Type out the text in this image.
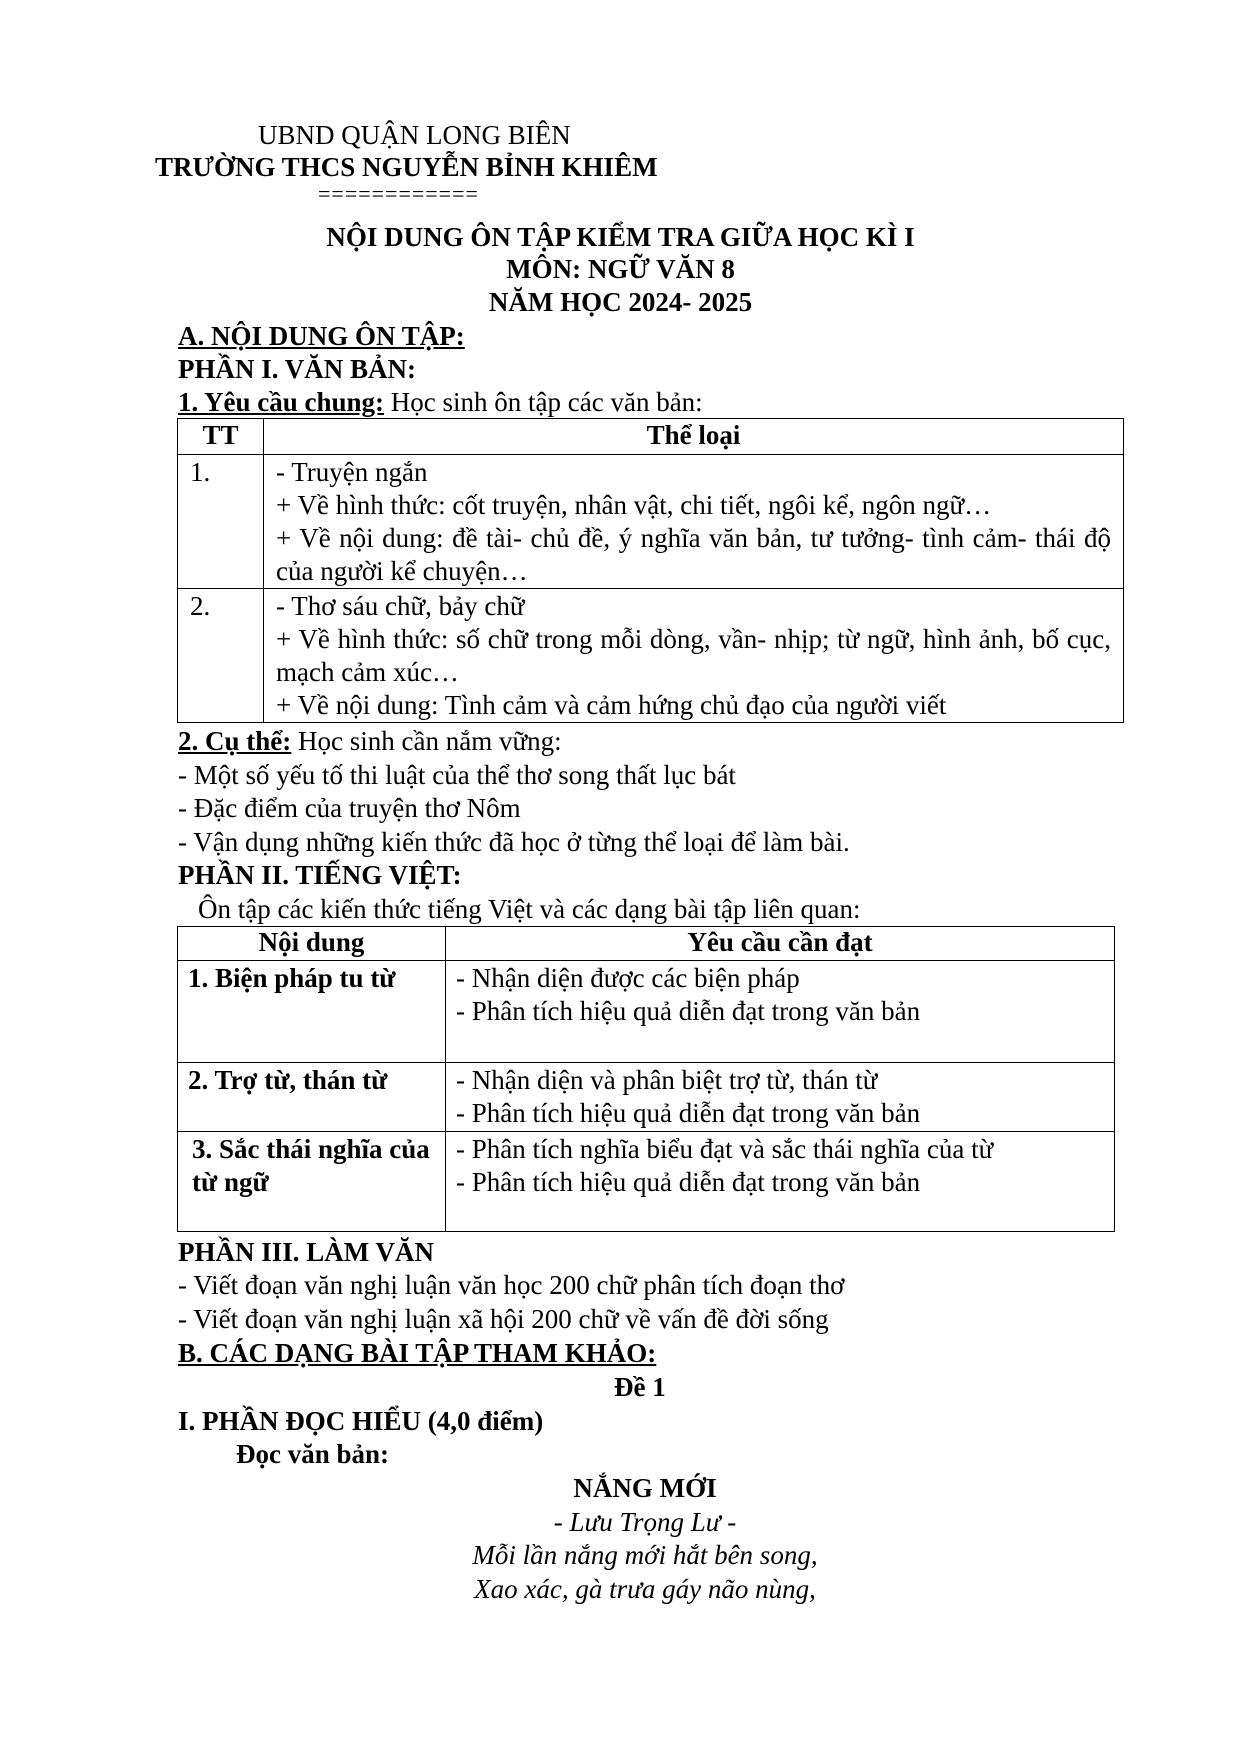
UBND QUẬN LONG BIÊN
TRƯỜNG THCS NGUYỄN BỈNH KHIÊM
============
NỘI DUNG ÔN TẬP KIỂM TRA GIỮA HỌC KÌ I
MÔN: NGỮ VĂN 8
NĂM HỌC 2024- 2025
A. NỘI DUNG ÔN TẬP:
PHẦN I. VĂN BẢN:
1. Yêu cầu chung: Học sinh ôn tập các văn bản:
TT	Thể loại

1.	- Truyện ngắn
+ Về hình thức: cốt truyện, nhân vật, chi tiết, ngôi kể, ngôn ngữ…
+ Về nội dung: đề tài- chủ đề, ý nghĩa văn bản, tư tưởng- tình cảm- thái độ của người kể chuyện…

2.	- Thơ sáu chữ, bảy chữ
+ Về hình thức: số chữ trong mỗi dòng, vần- nhịp; từ ngữ, hình ảnh, bố cục, mạch cảm xúc…
+ Về nội dung: Tình cảm và cảm hứng chủ đạo của người viết
2. Cụ thể: Học sinh cần nắm vững:
- Một số yếu tố thi luật của thể thơ song thất lục bát
- Đặc điểm của truyện thơ Nôm
- Vận dụng những kiến thức đã học ở từng thể loại để làm bài.
PHẦN II. TIẾNG VIỆT:
Ôn tập các kiến thức tiếng Việt và các dạng bài tập liên quan:
Nội dung	Yêu cầu cần đạt

1. Biện pháp tu từ	- Nhận diện được các biện pháp
- Phân tích hiệu quả diễn đạt trong văn bản

2. Trợ từ, thán từ	- Nhận diện và phân biệt trợ từ, thán từ
- Phân tích hiệu quả diễn đạt trong văn bản

3. Sắc thái nghĩa của từ ngữ	- Phân tích nghĩa biểu đạt và sắc thái nghĩa của từ
- Phân tích hiệu quả diễn đạt trong văn bản
PHẦN III. LÀM VĂN
- Viết đoạn văn nghị luận văn học 200 chữ phân tích đoạn thơ
- Viết đoạn văn nghị luận xã hội 200 chữ về vấn đề đời sống
B. CÁC DẠNG BÀI TẬP THAM KHẢO:
Đề 1
I. PHẦN ĐỌC HIỂU (4,0 điểm)
Đọc văn bản:
NẮNG MỚI
- Lưu Trọng Lư -
Mỗi lần nắng mới hắt bên song,
Xao xác, gà trưa gáy não nùng,
